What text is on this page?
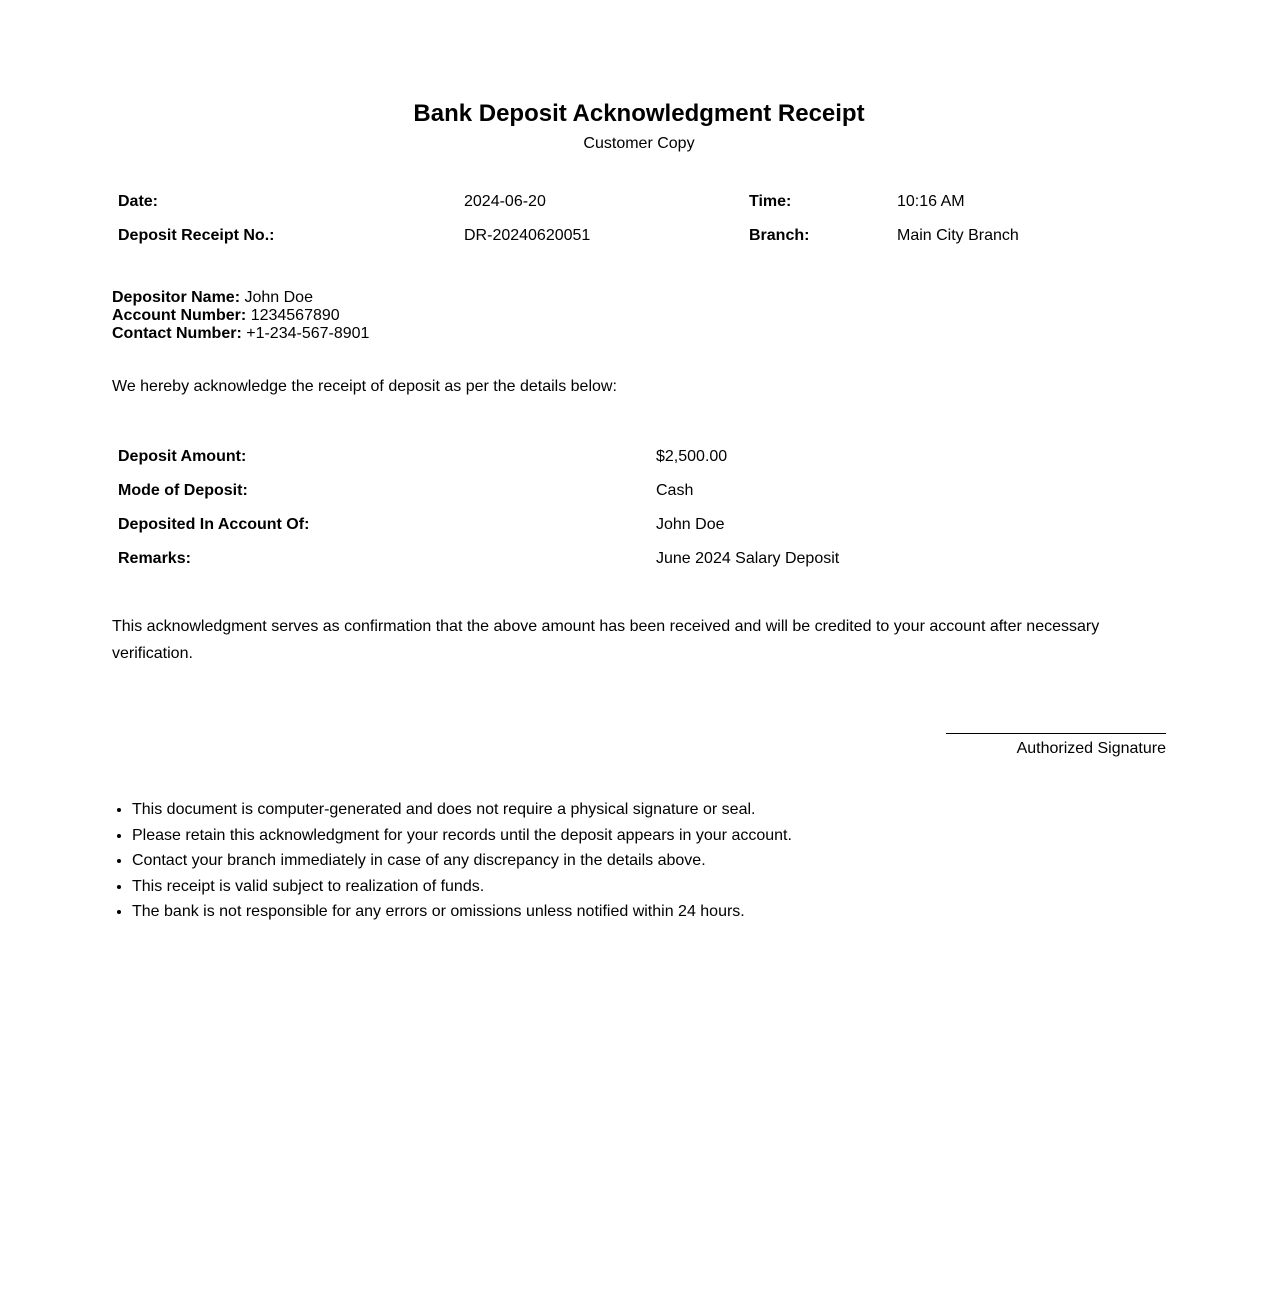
Bank Deposit Acknowledgment Receipt
Customer Copy
Date:	2024-06-20	Time:	10:16 AM
Deposit Receipt No.:	DR-20240620051	Branch:	Main City Branch
Depositor Name: John Doe
Account Number: 1234567890
Contact Number: +1-234-567-8901
We hereby acknowledge the receipt of deposit as per the details below:
Deposit Amount:	$2,500.00
Mode of Deposit:	Cash
Deposited In Account Of:	John Doe
Remarks:	June 2024 Salary Deposit
This acknowledgment serves as confirmation that the above amount has been received and will be credited to your account after necessary verification.
Authorized Signature
• This document is computer-generated and does not require a physical signature or seal.
• Please retain this acknowledgment for your records until the deposit appears in your account.
• Contact your branch immediately in case of any discrepancy in the details above.
• This receipt is valid subject to realization of funds.
• The bank is not responsible for any errors or omissions unless notified within 24 hours.
